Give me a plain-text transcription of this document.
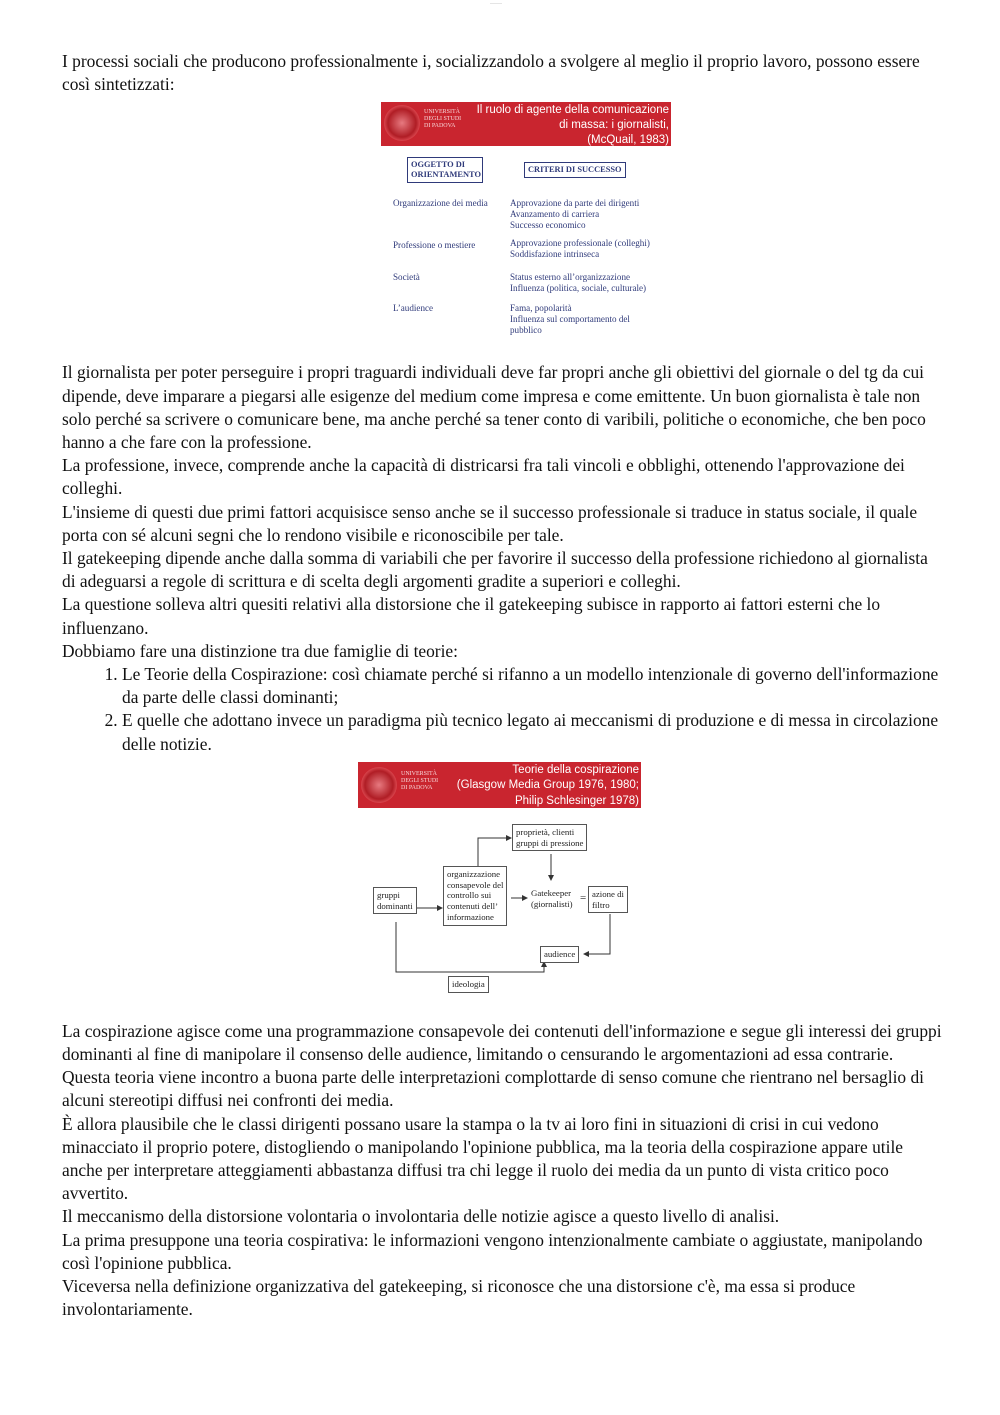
———

I processi sociali che producono professionalmente i, socializzandolo a svolgere al meglio il proprio lavoro, possono essere così sintetizzati:

UNIVERSITÀ
DEGLI STUDI
DI PADOVA
Il ruolo di agente della comunicazione
di massa: i giornalisti,
(McQuail, 1983)
OGGETTO DI
ORIENTAMENTO
CRITERI DI SUCCESSO
Organizzazione dei media Approvazione da parte dei dirigenti
Avanzamento di carriera
Successo economico
Professione o mestiere	Approvazione professionale (colleghi)
Soddisfazione intrinseca
Società	Status esterno all’organizzazione
Influenza (politica, sociale, culturale)
L’audience	Fama, popolarità
Influenza sul comportamento del
pubblico

Il giornalista per poter perseguire i propri traguardi individuali deve far propri anche gli obiettivi del giornale o del tg da cui dipende, deve imparare a piegarsi alle esigenze del medium come impresa e come emittente. Un buon giornalista è tale non solo perché sa scrivere o comunicare bene, ma anche perché sa tener conto di varibili, politiche o economiche, che ben poco hanno a che fare con la professione.

La professione, invece, comprende anche la capacità di districarsi fra tali vincoli e obblighi, ottenendo l'approvazione dei colleghi.

L'insieme di questi due primi fattori acquisisce senso anche se il successo professionale si traduce in status sociale, il quale porta con sé alcuni segni che lo rendono visibile e riconoscibile per tale.

Il gatekeeping dipende anche dalla somma di variabili che per favorire il successo della professione richiedono al giornalista di adeguarsi a regole di scrittura e di scelta degli argomenti gradite a superiori e colleghi.

La questione solleva altri quesiti relativi alla distorsione che il gatekeeping subisce in rapporto ai fattori esterni che lo influenzano.

Dobbiamo fare una distinzione tra due famiglie di teorie:

1. Le Teorie della Cospirazione: così chiamate perché si rifanno a un modello intenzionale di governo dell'informazione da parte delle classi dominanti;
2. E quelle che adottano invece un paradigma più tecnico legato ai meccanismi di produzione e di messa in circolazione delle notizie.
UNIVERSITÀ
DEGLI STUDI
DI PADOVA
Teorie della cospirazione
(Glasgow Media Group 1976, 1980;
Philip Schlesinger 1978)
gruppi
dominanti
organizzazione
consapevole del
controllo sui
contenuti dell’
informazione
proprietà, clienti
gruppi di pressione
Gatekeeper
(giornalisti) = azione di
filtro
audience
ideologia

La cospirazione agisce come una programmazione consapevole dei contenuti dell'informazione e segue gli interessi dei gruppi dominanti al fine di manipolare il consenso delle audience, limitando o censurando le argomentazioni ad essa contrarie. Questa teoria viene incontro a buona parte delle interpretazioni complottarde di senso comune che rientrano nel bersaglio di alcuni stereotipi diffusi nei confronti dei media.

È allora plausibile che le classi dirigenti possano usare la stampa o la tv ai loro fini in situazioni di crisi in cui vedono minacciato il proprio potere, distogliendo o manipolando l'opinione pubblica, ma la teoria della cospirazione appare utile anche per interpretare atteggiamenti abbastanza diffusi tra chi legge il ruolo dei media da un punto di vista critico poco avvertito.

Il meccanismo della distorsione volontaria o involontaria delle notizie agisce a questo livello di analisi.

La prima presuppone una teoria cospirativa: le informazioni vengono intenzionalmente cambiate o aggiustate, manipolando così l'opinione pubblica.

Viceversa nella definizione organizzativa del gatekeeping, si riconosce che una distorsione c'è, ma essa si produce involontariamente.
